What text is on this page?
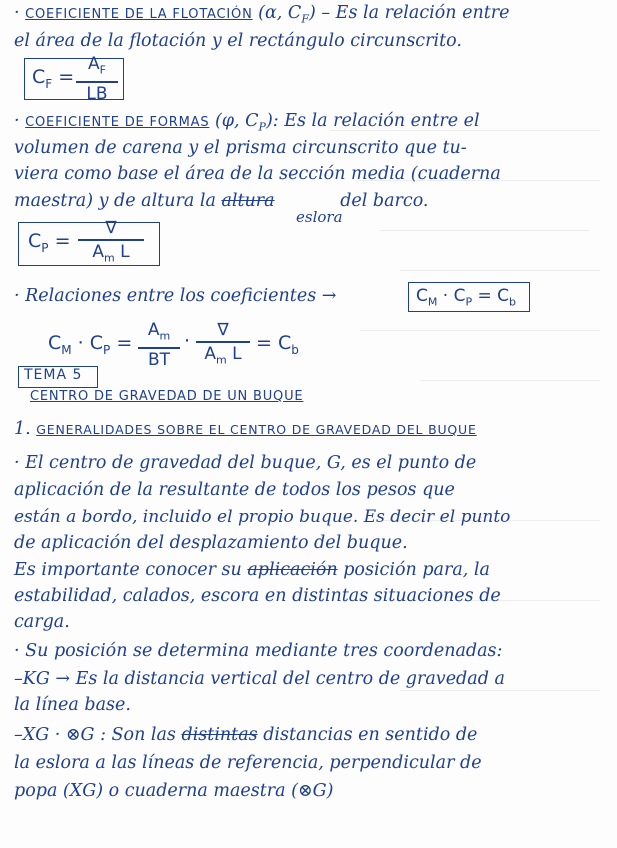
· COEFICIENTE DE LA FLOTACIÓN (α, $C_F$) – Es la relación entre
el área de la flotación y el rectángulo circunscrito.
$C_F$ =
$A_F$
LB
· COEFICIENTE DE FORMAS (φ, $C_P$): Es la relación entre el
volumen de carena y el prisma circunscrito que tu-
viera como base el área de la sección media (cuaderna
maestra) y de altura la altura	del barco.
eslora
$C_P$ =
∇
$A_m$ L
· Relaciones entre los coeficientes →	$C_M \cdot C_P = C_b$
$C_M \cdot C_P$ =
$A_m$
BT
·	∇
$A_m$ $L = C_b$
TEMA 5
CENTRO DE GRAVEDAD DE UN BUQUE
1. GENERALIDADES SOBRE EL CENTRO DE GRAVEDAD DEL BUQUE
· El centro de gravedad del buque, G, es el punto de
aplicación de la resultante de todos los pesos que
están a bordo, incluido el propio buque. Es decir el punto
de aplicación del desplazamiento del buque.
Es importante conocer su aplicación posición para, la
estabilidad, calados, escora en distintas situaciones de
carga.
· Su posición se determina mediante tres coordenadas:
–KG → Es la distancia vertical del centro de gravedad a
la línea base.
–XG · ⊗G : Son las distintas distancias en sentido de
la eslora a las líneas de referencia, perpendicular de
popa (XG) o cuaderna maestra (⊗G)
